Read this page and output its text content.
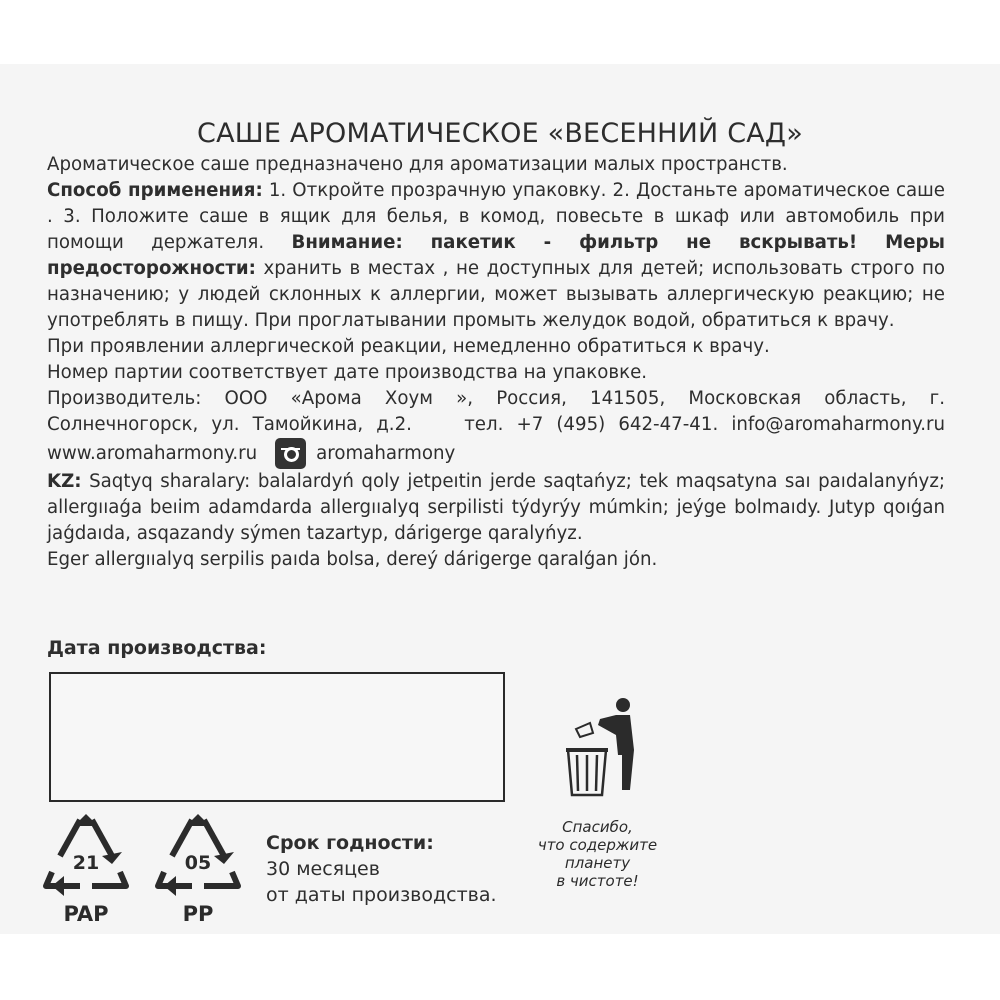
САШЕ АРОМАТИЧЕСКОЕ «ВЕСЕННИЙ САД»

Ароматическое саше предназначено для ароматизации малых пространств.

Способ применения: 1. Откройте прозрачную упаковку. 2. Достаньте ароматическое саше . 3. Положите саше в ящик для белья, в комод, повесьте в шкаф или автомобиль при помощи держателя. Внимание: пакетик - фильтр не вскрывать! Меры предосторожности: хранить в местах , не доступных для детей; использовать строго по назначению; у людей склонных к аллергии, может вызывать аллергическую реакцию; не употреблять в пищу. При проглатывании промыть желудок водой, обратиться к врачу.

При проявлении аллергической реакции, немедленно обратиться к врачу.

Номер партии соответствует дате производства на упаковке.

Производитель: ООО «Арома Хоум », Россия, 141505, Московская область, г. Солнечногорск, ул. Тамойкина, д.2.	тел. +7 (495) 642-47-41. info@aromaharmony.ru

www.aromaharmony.ru	aromaharmony

KZ: Saqtyq sharalary: balalardyń qoly jetpeıtin jerde saqtańyz; tek maqsatyna saı paıdalanyńyz; allergııaǵa beıim adamdarda allergııalyq serpilisti týdyrýy múmkin; jeýge bolmaıdy. Jutyp qoıǵan jaǵdaıda, asqazandy sýmen tazartyp, dárigerge qaralyńyz.

Eger allergııalyq serpilis paıda bolsa, dereý dárigerge qaralǵan jón.

Дата производства:
21
PAP
05
PP
Срок годности:
30 месяцев
от даты производства.
Спасибо,
что содержите
планету
в чистоте!
